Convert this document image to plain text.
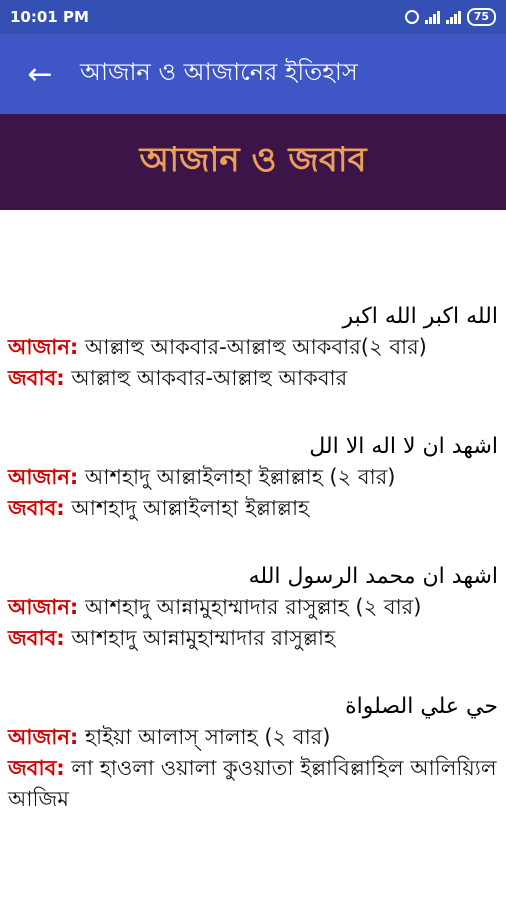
10:01 PM	75
←	আজান ও আজানের ইতিহাস
আজান ও জবাব
الله اكبر الله اكبر
আজান: আল্লাহু আকবার-আল্লাহু আকবার(২ বার)
জবাব: আল্লাহু আকবার-আল্লাহু আকবার
اشهد ان لا اله الا الل
আজান: আশহাদু আল্লাইলাহা ইল্লাল্লাহ (২ বার)
জবাব: আশহাদু আল্লাইলাহা ইল্লাল্লাহ
اشهد ان محمد الرسول الله
আজান: আশহাদু আন্নামুহাম্মাদার রাসুল্লাহ (২ বার)
জবাব: আশহাদু আন্নামুহাম্মাদার রাসুল্লাহ
حي علي الصلواة
আজান: হাইয়া আলাস্ সালাহ (২ বার)
জবাব: লা হাওলা ওয়ালা কুওয়াতা ইল্লাবিল্লাহিল আলিয়্যিল আজিম
